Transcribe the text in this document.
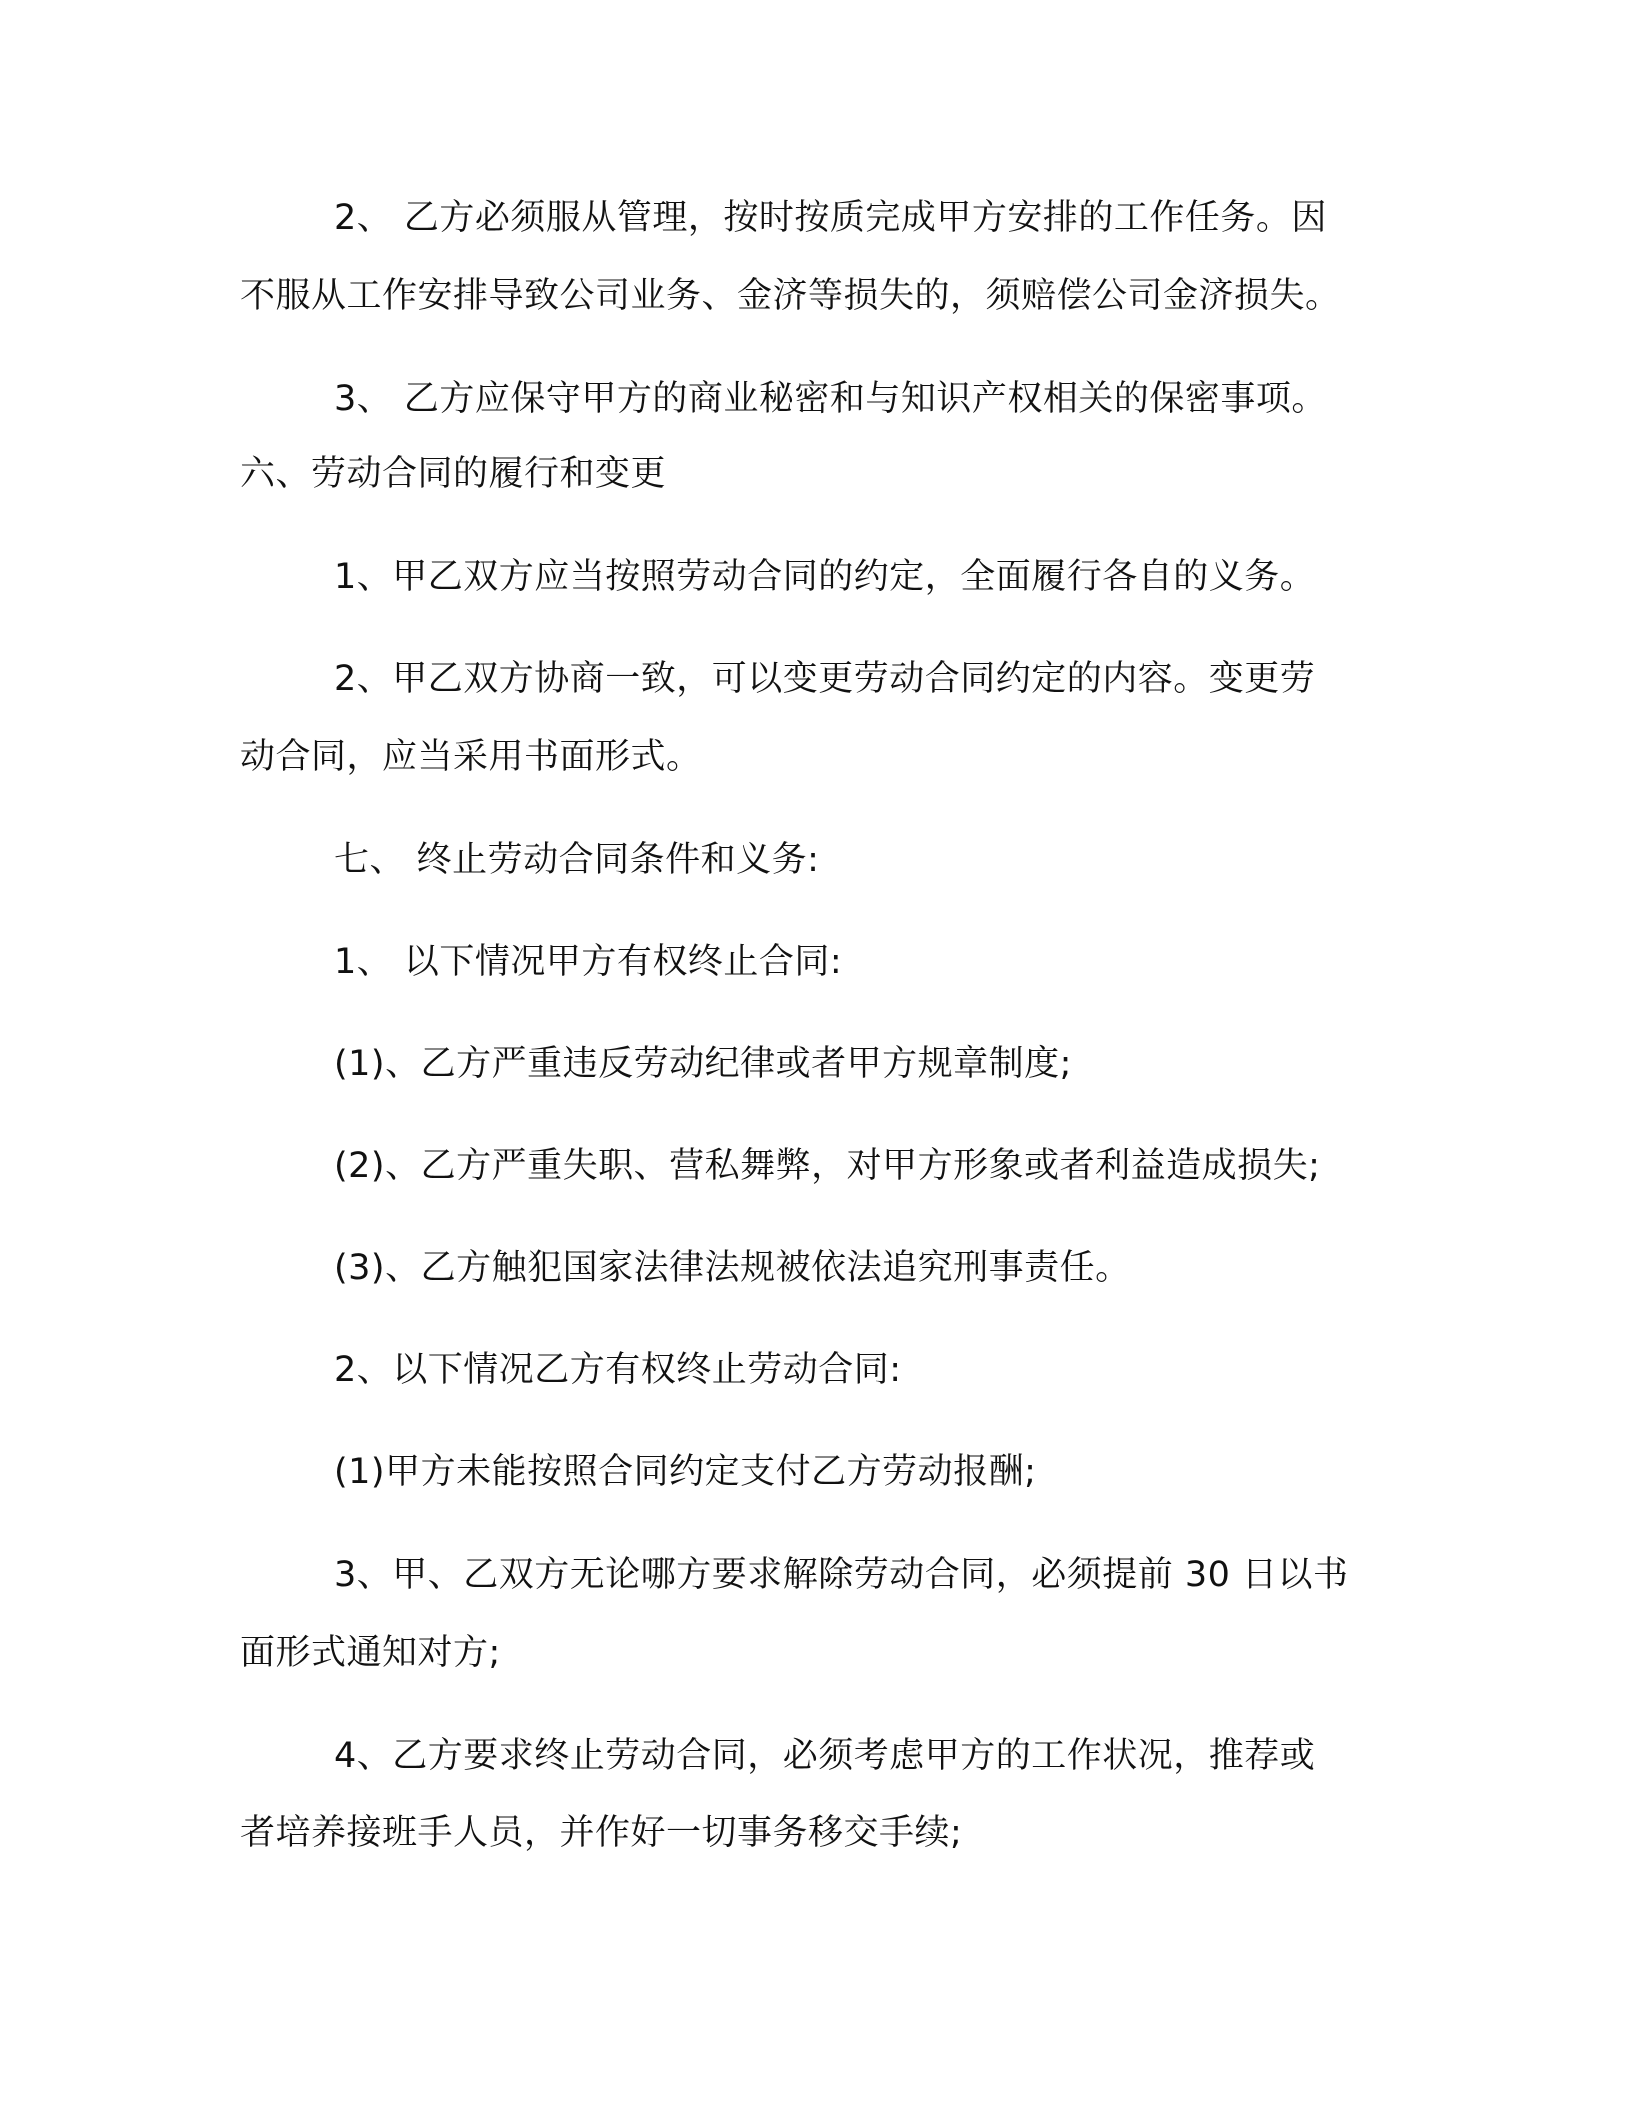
2、 乙方必须服从管理，按时按质完成甲方安排的工作任务。因
不服从工作安排导致公司业务、金济等损失的，须赔偿公司金济损失。
3、 乙方应保守甲方的商业秘密和与知识产权相关的保密事项。
六、劳动合同的履行和变更
1、甲乙双方应当按照劳动合同的约定，全面履行各自的义务。
2、甲乙双方协商一致，可以变更劳动合同约定的内容。变更劳
动合同，应当采用书面形式。
七、 终止劳动合同条件和义务:
1、 以下情况甲方有权终止合同:
(1)、乙方严重违反劳动纪律或者甲方规章制度;
(2)、乙方严重失职、营私舞弊，对甲方形象或者利益造成损失;
(3)、乙方触犯国家法律法规被依法追究刑事责任。
2、以下情况乙方有权终止劳动合同:
(1)甲方未能按照合同约定支付乙方劳动报酬;
3、甲、乙双方无论哪方要求解除劳动合同，必须提前 30 日以书
面形式通知对方;
4、乙方要求终止劳动合同，必须考虑甲方的工作状况，推荐或
者培养接班手人员，并作好一切事务移交手续;
